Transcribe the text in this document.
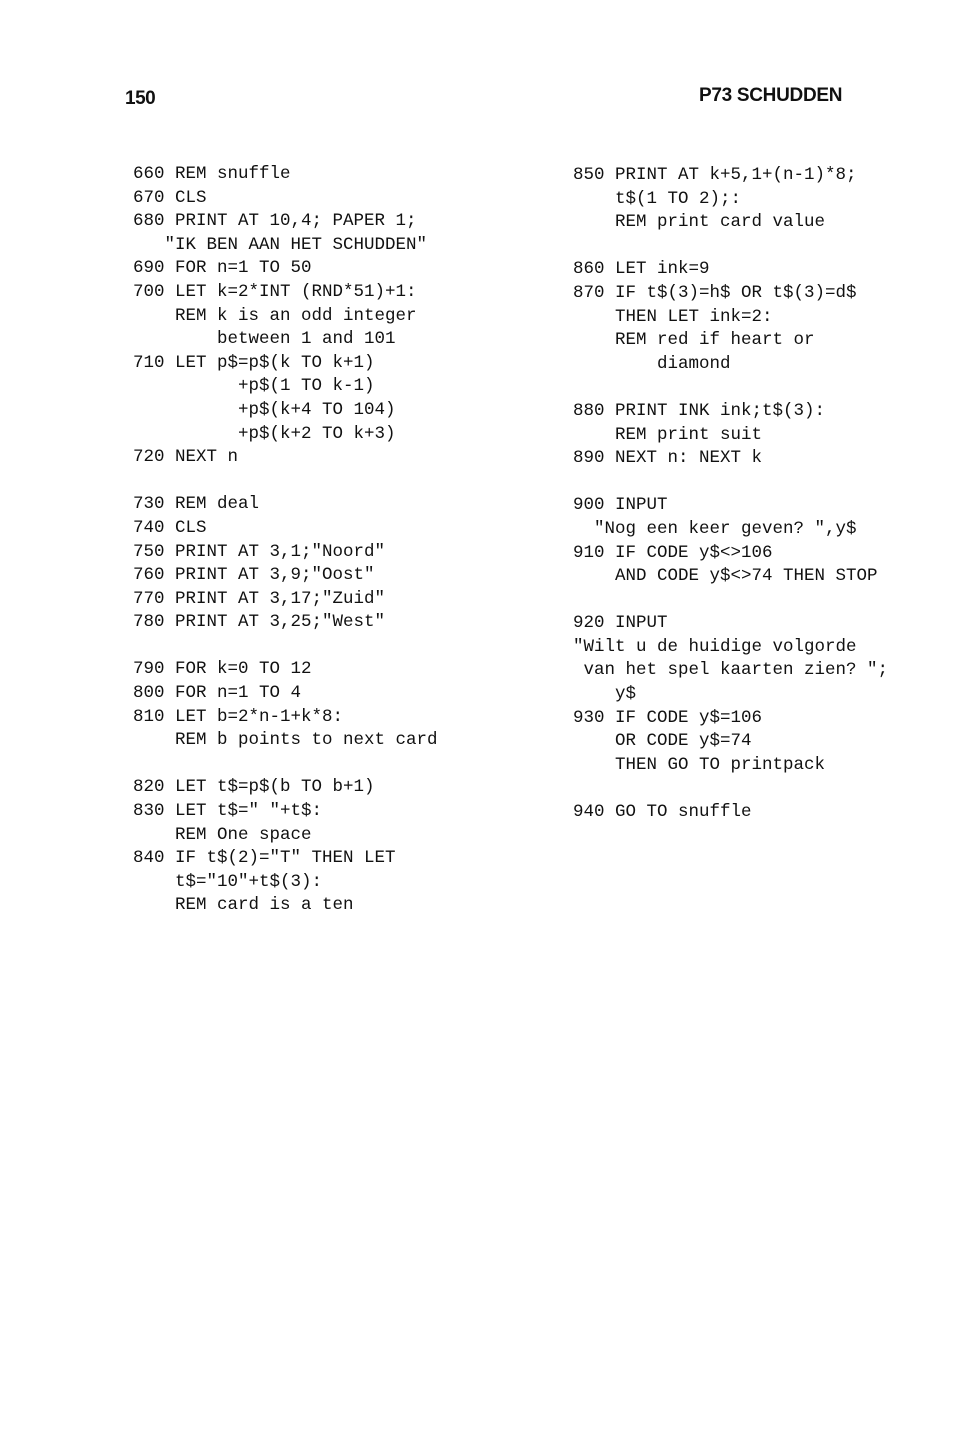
150	P73 SCHUDDEN
660 REM snuffle
670 CLS
680 PRINT AT 10,4; PAPER 1;
"IK BEN AAN HET SCHUDDEN"
690 FOR n=1 TO 50
700 LET k=2*INT (RND*51)+1:
REM k is an odd integer
between 1 and 101
710 LET p$=p$(k TO k+1)
+p$(1 TO k-1)
+p$(k+4 TO 104)
+p$(k+2 TO k+3)
720 NEXT n
730 REM deal
740 CLS
750 PRINT AT 3,1;"Noord"
760 PRINT AT 3,9;"Oost"
770 PRINT AT 3,17;"Zuid"
780 PRINT AT 3,25;"West"
790 FOR k=0 TO 12
800 FOR n=1 TO 4
810 LET b=2*n-1+k*8:
REM b points to next card
820 LET t$=p$(b TO b+1)
830 LET t$=" "+t$:
REM One space
840 IF t$(2)="T" THEN LET
t$="10"+t$(3):
REM card is a ten
850 PRINT AT k+5,1+(n-1)*8;
t$(1 TO 2);:
REM print card value
860 LET ink=9
870 IF t$(3)=h$ OR t$(3)=d$
THEN LET ink=2:
REM red if heart or
diamond
880 PRINT INK ink;t$(3):
REM print suit
890 NEXT n: NEXT k
900 INPUT
"Nog een keer geven? ",y$
910 IF CODE y$<>106
AND CODE y$<>74 THEN STOP
920 INPUT
"Wilt u de huidige volgorde
van het spel kaarten zien? ";
y$
930 IF CODE y$=106
OR CODE y$=74
THEN GO TO printpack
940 GO TO snuffle
